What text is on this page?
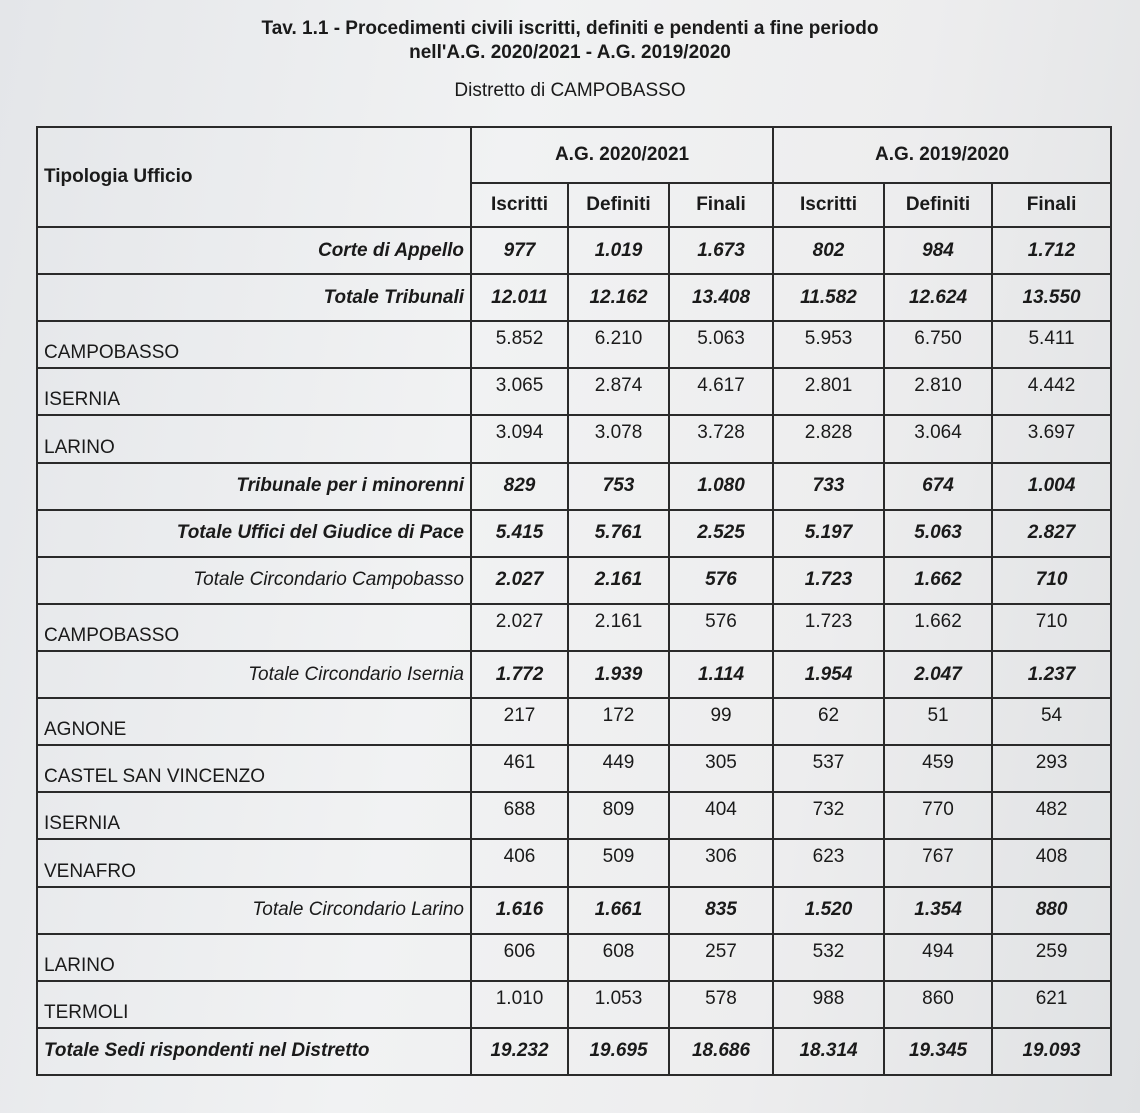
Tav. 1.1 - Procedimenti civili iscritti, definiti e pendenti a fine periodo
nell'A.G. 2020/2021 - A.G. 2019/2020
Distretto di CAMPOBASSO
Tipologia Ufficio	A.G. 2020/2021			A.G. 2019/2020		
	Iscritti	Definiti	Finali	Iscritti	Definiti	Finali
Corte di Appello	977	1.019	1.673	802	984	1.712
Totale Tribunali	12.011	12.162	13.408	11.582	12.624	13.550
CAMPOBASSO	5.852	6.210	5.063	5.953	6.750	5.411
ISERNIA	3.065	2.874	4.617	2.801	2.810	4.442
LARINO	3.094	3.078	3.728	2.828	3.064	3.697
Tribunale per i minorenni	829	753	1.080	733	674	1.004
Totale Uffici del Giudice di Pace	5.415	5.761	2.525	5.197	5.063	2.827
Totale Circondario Campobasso	2.027	2.161	576	1.723	1.662	710
CAMPOBASSO	2.027	2.161	576	1.723	1.662	710
Totale Circondario Isernia	1.772	1.939	1.114	1.954	2.047	1.237
AGNONE	217	172	99	62	51	54
CASTEL SAN VINCENZO	461	449	305	537	459	293
ISERNIA	688	809	404	732	770	482
VENAFRO	406	509	306	623	767	408
Totale Circondario Larino	1.616	1.661	835	1.520	1.354	880
LARINO	606	608	257	532	494	259
TERMOLI	1.010	1.053	578	988	860	621
Totale Sedi rispondenti nel Distretto	19.232	19.695	18.686	18.314	19.345	19.093
